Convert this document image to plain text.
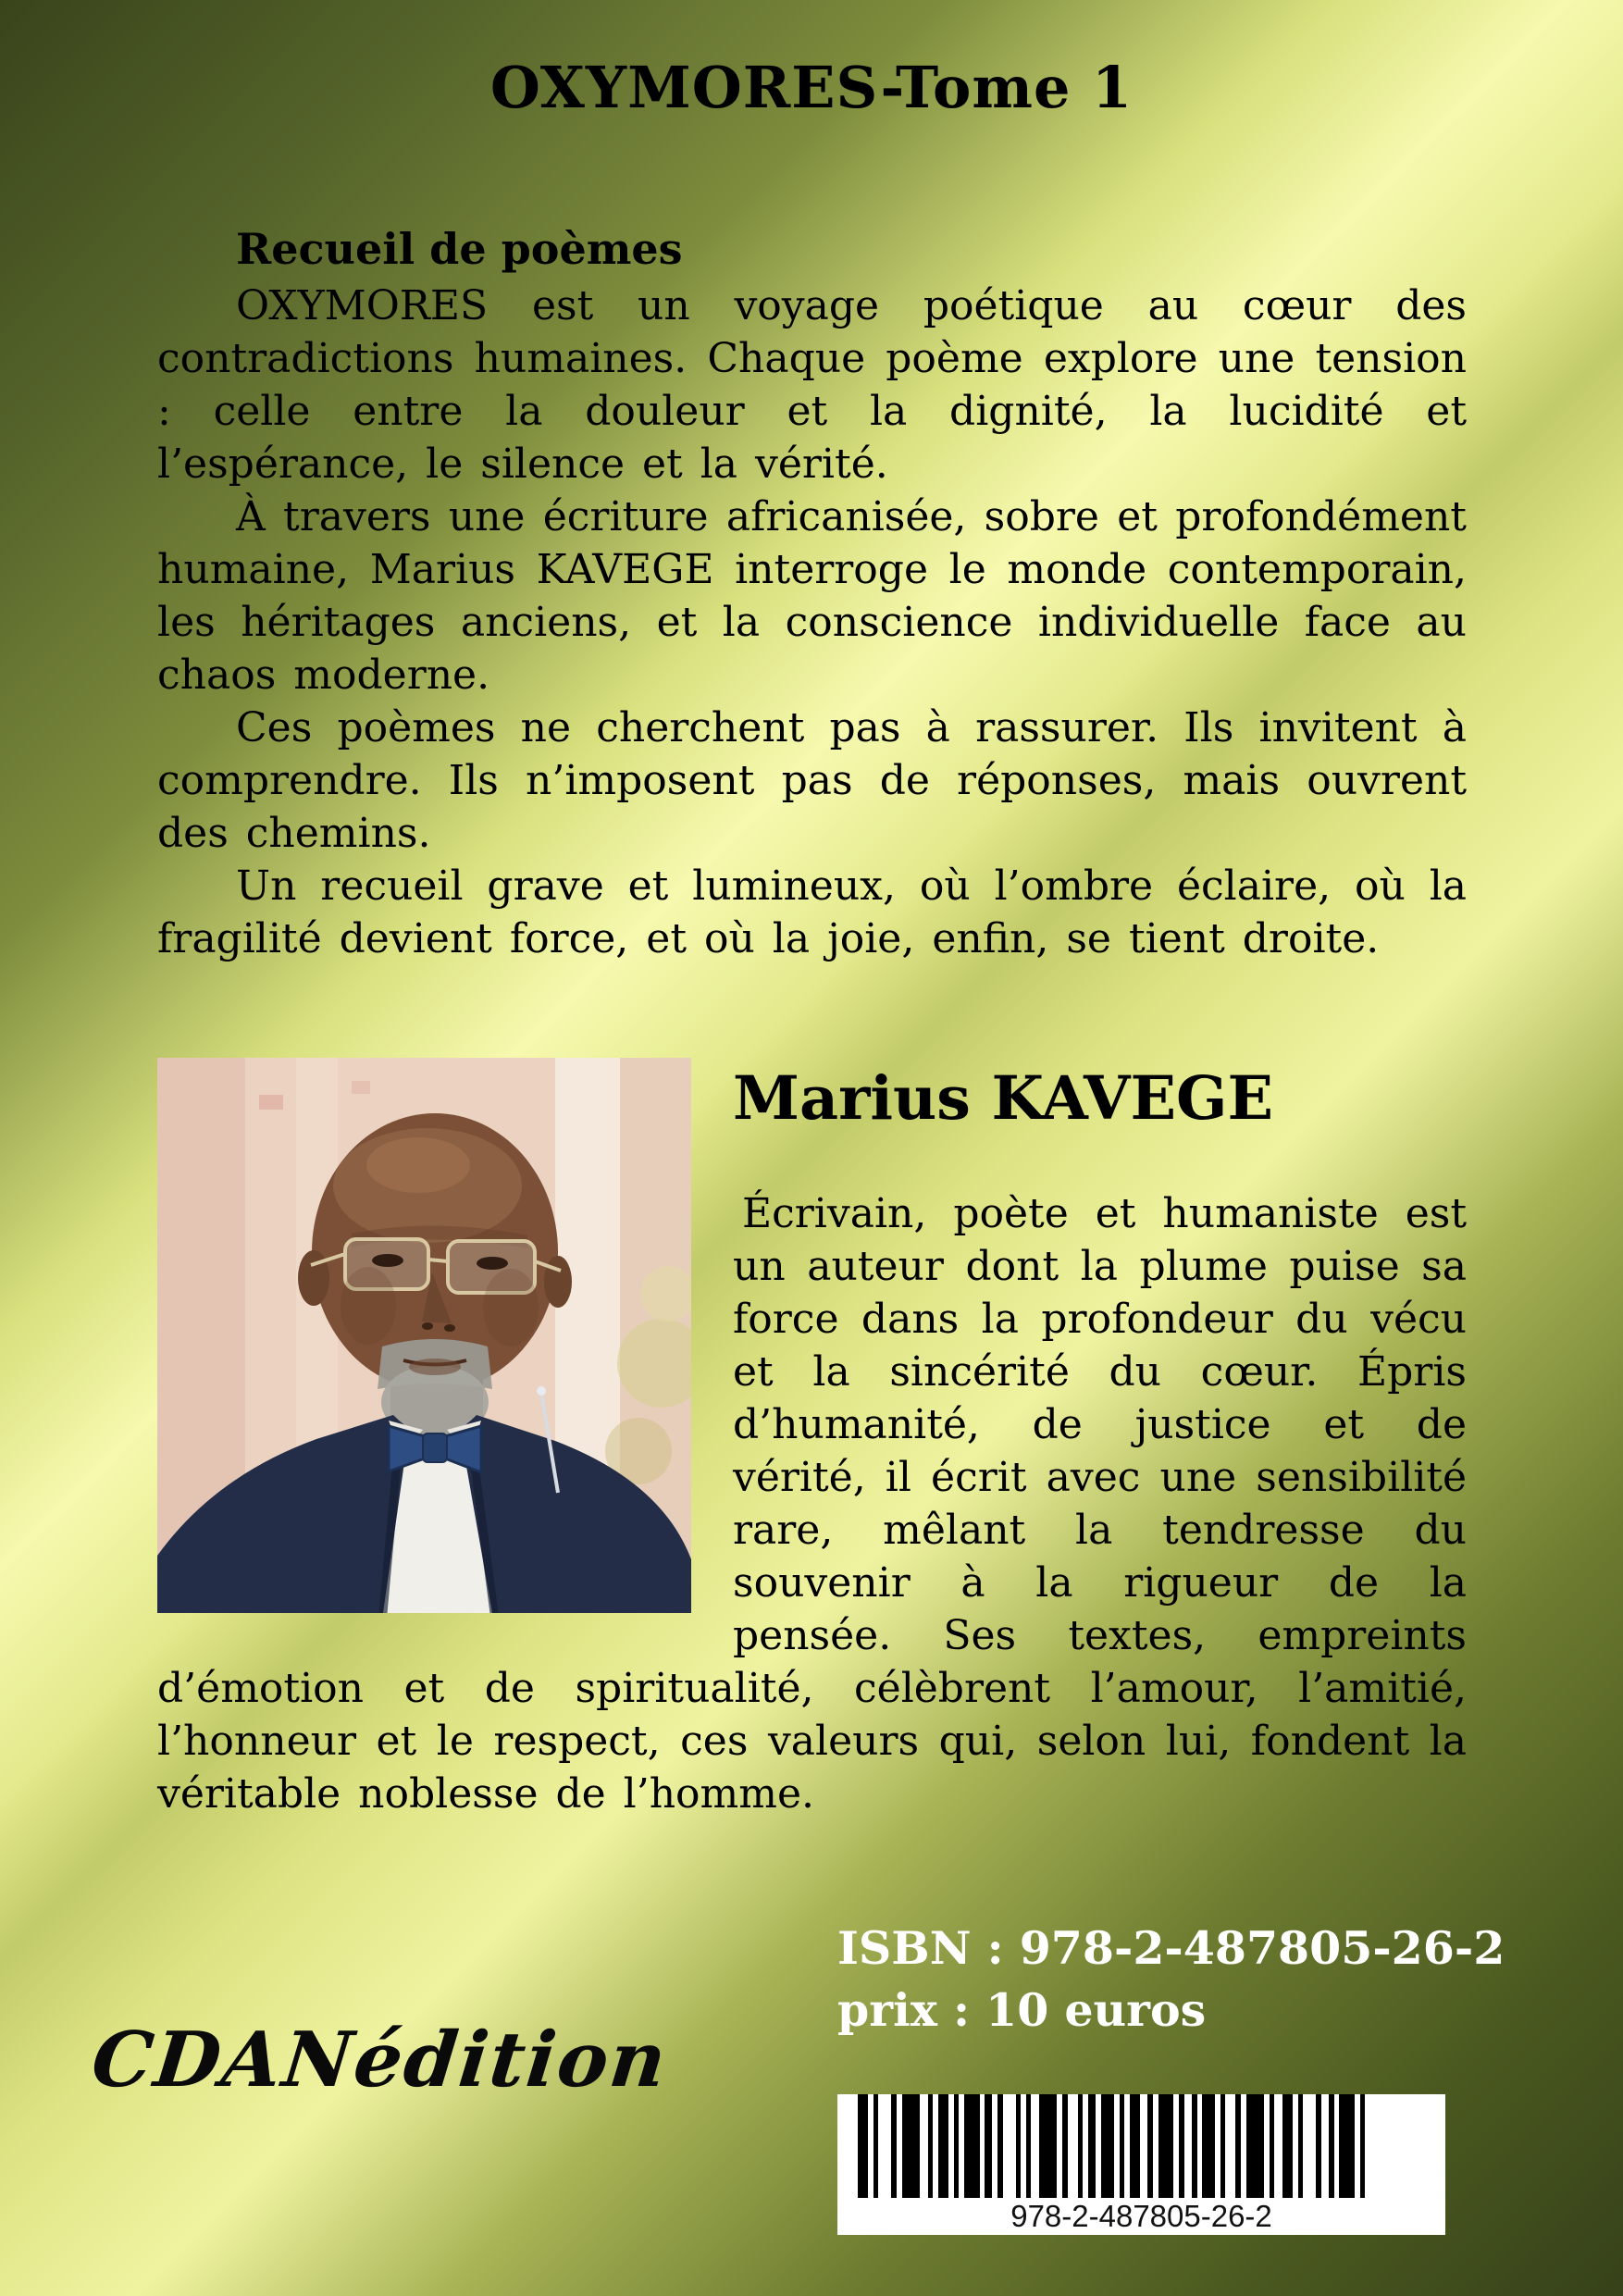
OXYMORES-Tome 1
Recueil de poèmes

OXYMORES est un voyage poétique au cœur des contradictions humaines. Chaque poème explore une tension : celle entre la douleur et la dignité, la lucidité et l’espérance, le silence et la vérité.

À travers une écriture africanisée, sobre et profondément humaine, Marius KAVEGE interroge le monde contemporain, les héritages anciens, et la conscience individuelle face au chaos moderne.

Ces poèmes ne cherchent pas à rassurer. Ils invitent à comprendre. Ils n’imposent pas de réponses, mais ouvrent des chemins.

Un recueil grave et lumineux, où l’ombre éclaire, où la fragilité devient force, et où la joie, enfin, se tient droite.

Marius KAVEGE

Écrivain, poète et humaniste est un auteur dont la plume puise sa force dans la profondeur du vécu et la sincérité du cœur. Épris d’humanité, de justice et de vérité, il écrit avec une sensibilité rare, mêlant la tendresse du souvenir à la rigueur de la pensée. Ses textes, empreints d’émotion et de spiritualité, célèbrent l’amour, l’amitié, l’honneur et le respect, ces valeurs qui, selon lui, fondent la véritable noblesse de l’homme.

ISBN : 978-2-487805-26-2

prix : 10 euros

CDANédition
978-2-487805-26-2
